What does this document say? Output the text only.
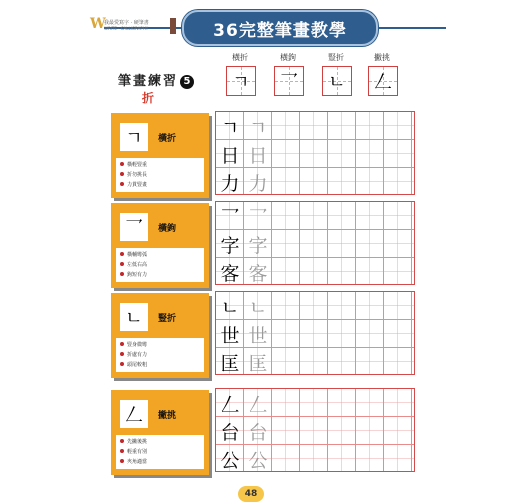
W
我最愛寫字 · 硬筆書
WRITE · CALLIGRAPHY	36完整筆畫教學
橫折
ㄱ
橫鉤
乛
豎折
ㄴ
撇挑
𠃋
筆畫練習 5
折
ㄱ	橫折
橫輕豎重
折勿挑長
力貫豎畫
ㄱ ㄱ
日 日
力 力
乛	橫鉤
橫輔彎弧
左低右高
鉤短有力
乛 乛
字 字
客 客
ㄴ	豎折
豎身微彎
折處有力
頭尾較粗
ㄴ ㄴ
世 世
匡 匡
𠃋	撇挑
先撇後挑
輕重有別
夾角適當
𠃋 𠃋
台 台
公 公
48
